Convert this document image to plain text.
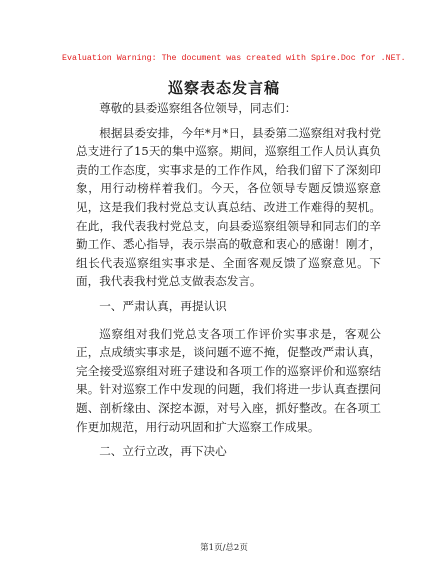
Evaluation Warning: The document was created with Spire.Doc for .NET.
巡察表态发言稿

尊敬的县委巡察组各位领导，同志们：

根据县委安排，今年*月*日，县委第二巡察组对我村党总支进行了15天的集中巡察。期间，巡察组工作人员认真负责的工作态度，实事求是的工作作风，给我们留下了深刻印象，用行动榜样着我们。今天，各位领导专题反馈巡察意见，这是我们我村党总支认真总结、改进工作难得的契机。在此，我代表我村党总支，向县委巡察组领导和同志们的辛勤工作、悉心指导，表示崇高的敬意和衷心的感谢！刚才，组长代表巡察组实事求是、全面客观反馈了巡察意见。下面，我代表我村党总支做表态发言。

一、严肃认真，再提认识

巡察组对我们党总支各项工作评价实事求是，客观公正，点成绩实事求是，谈问题不遮不掩，促整改严肃认真，完全接受巡察组对班子建设和各项工作的巡察评价和巡察结果。针对巡察工作中发现的问题，我们将进一步认真查摆问题、剖析缘由、深挖本源，对号入座，抓好整改。在各项工作更加规范，用行动巩固和扩大巡察工作成果。

二、立行立改，再下决心

第1页/总2页
